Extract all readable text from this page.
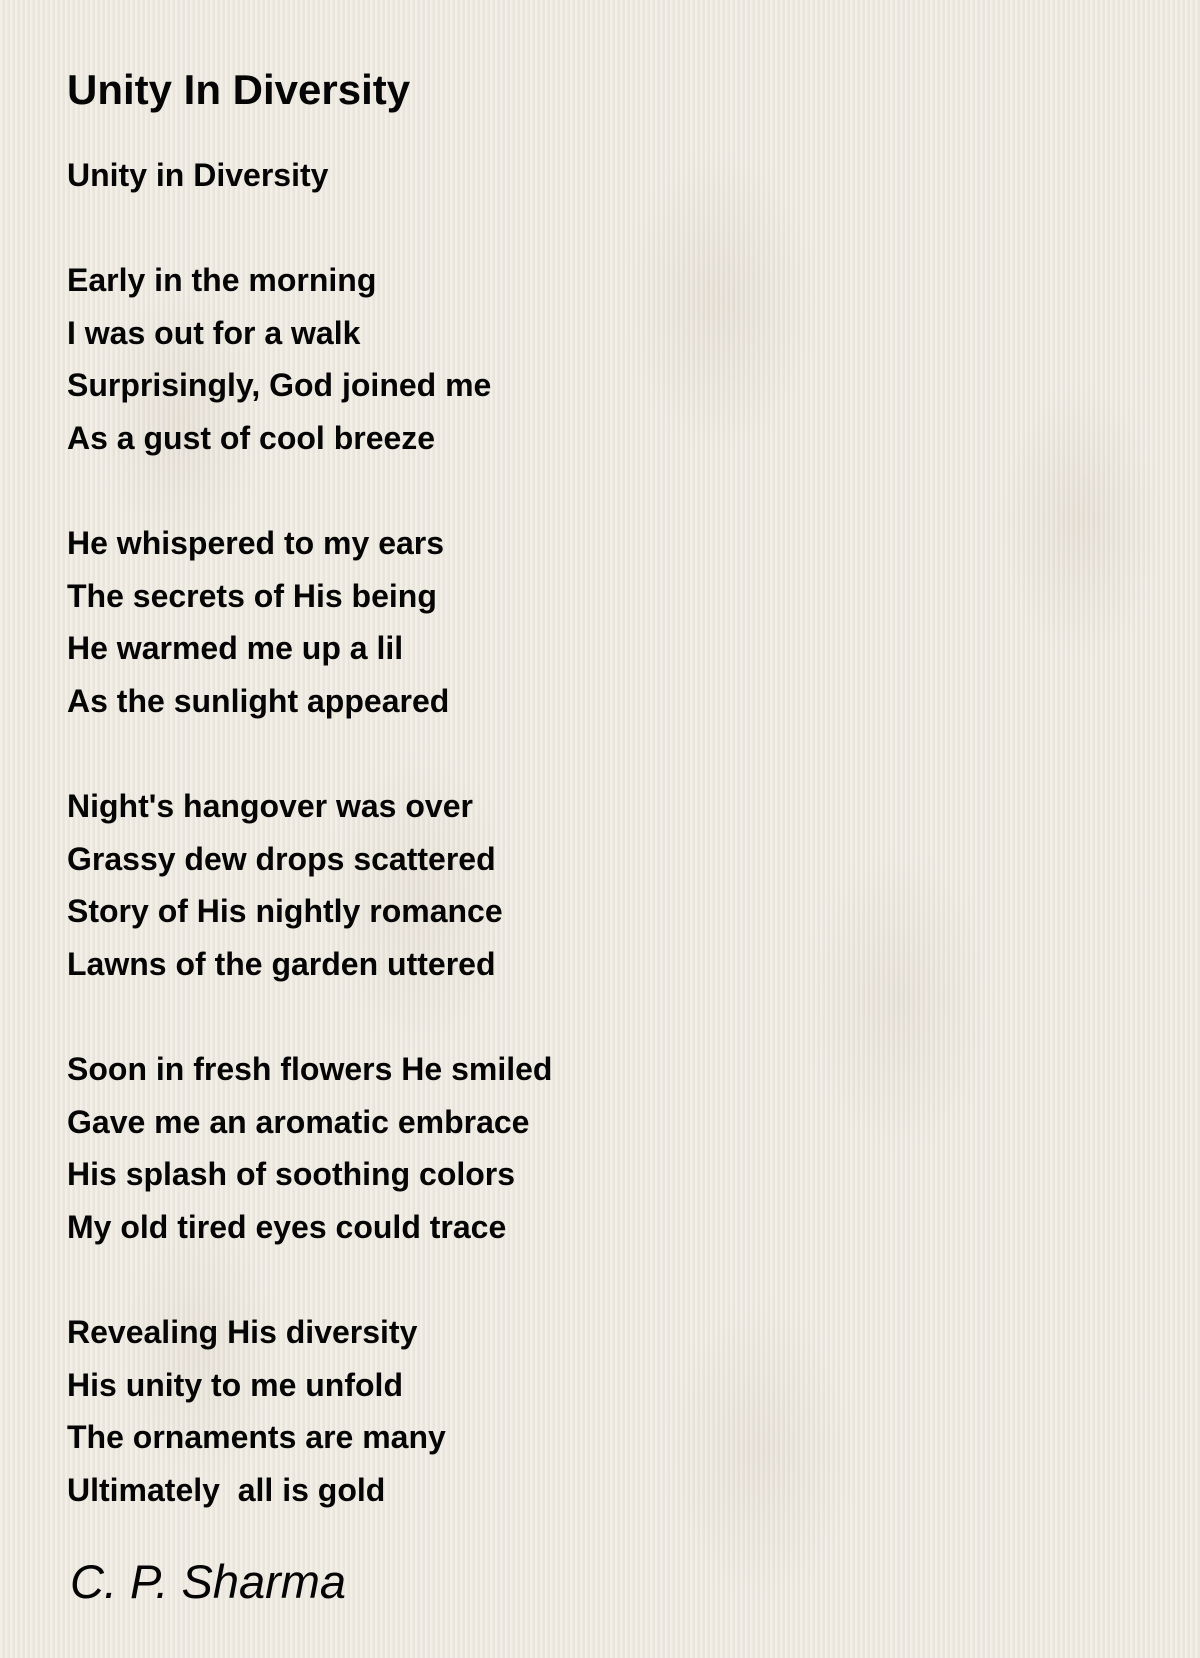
Unity In Diversity
Unity in Diversity
Early in the morning
I was out for a walk
Surprisingly, God joined me
As a gust of cool breeze
He whispered to my ears
The secrets of His being
He warmed me up a lil
As the sunlight appeared
Night's hangover was over
Grassy dew drops scattered
Story of His nightly romance
Lawns of the garden uttered
Soon in fresh flowers He smiled
Gave me an aromatic embrace
His splash of soothing colors
My old tired eyes could trace
Revealing His diversity
His unity to me unfold
The ornaments are many
Ultimately  all is gold
C. P. Sharma
